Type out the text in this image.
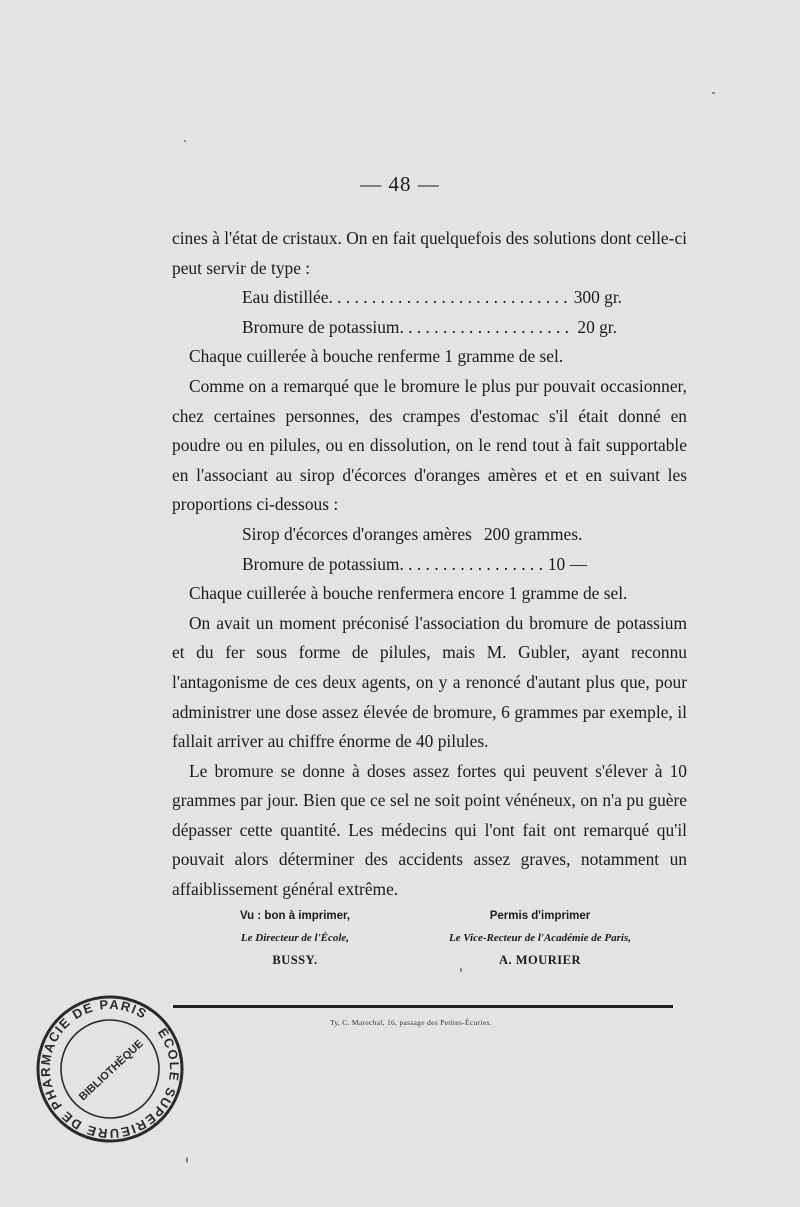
— 48 —

cines à l'état de cristaux. On en fait quelquefois des solutions dont celle-ci peut servir de type :

Eau distillée . . .	300 gr.
Bromure de potassium . . .	20 gr.

Chaque cuillerée à bouche renferme 1 gramme de sel.

Comme on a remarqué que le bromure le plus pur pouvait occasionner, chez certaines personnes, des crampes d'estomac s'il était donné en poudre ou en pilules, ou en dissolution, on le rend tout à fait supportable en l'associant au sirop d'écorces d'oranges amères et et en suivant les proportions ci-dessous :

Sirop d'écorces d'oranges amères 200 grammes.
Bromure de potassium . . .	10 —

Chaque cuillerée à bouche renfermera encore 1 gramme de sel.

On avait un moment préconisé l'association du bromure de potassium et du fer sous forme de pilules, mais M. Gubler, ayant reconnu l'antagonisme de ces deux agents, on y a renoncé d'autant plus que, pour administrer une dose assez élevée de bromure, 6 grammes par exemple, il fallait arriver au chiffre énorme de 40 pilules.

Le bromure se donne à doses assez fortes qui peuvent s'élever à 10 grammes par jour. Bien que ce sel ne soit point vénéneux, on n'a pu guère dépasser cette quantité. Les médecins qui l'ont fait ont remarqué qu'il pouvait alors déterminer des accidents assez graves, notamment un affaiblissement général extrême.

Vu : bon à imprimer,
Le Directeur de l'École,
BUSSY.
Permis d'imprimer
Le Vice-Recteur de l'Académie de Paris,
A. MOURIER
Ty, C. Marechal, 16, passage des Petites-Écuries.
ÉCOLE SUPÉRIEURE DE PHARMACIE DE PARIS
BIBLIOTHÈQUE
